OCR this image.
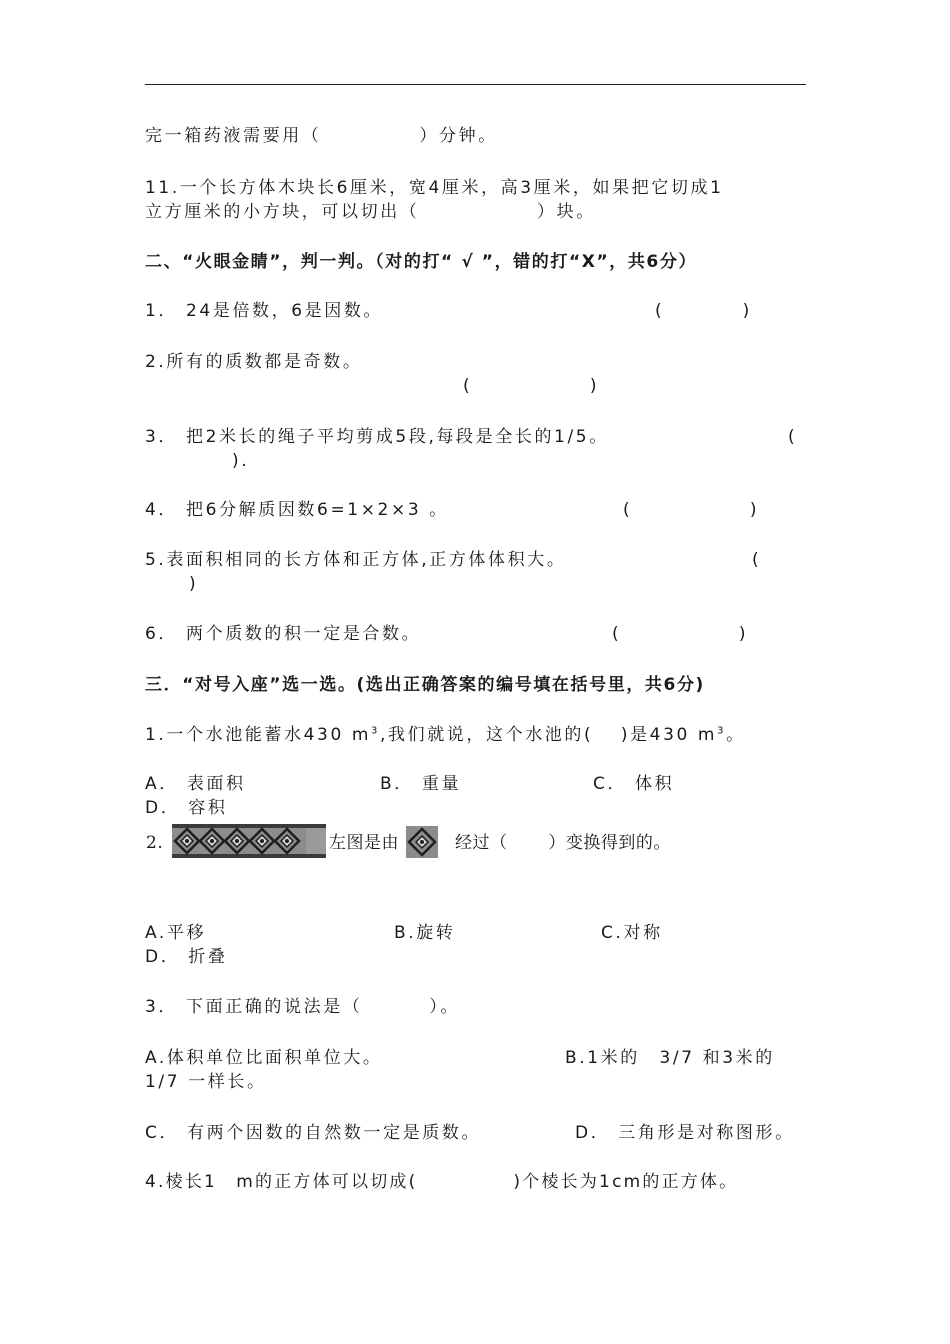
完一箱药液需要用（　　　　　）分钟。
11.一个长方体木块长6厘米，宽4厘米，高3厘米，如果把它切成1
立方厘米的小方块，可以切出（　　　　　　）块。
二、“火眼金睛”，判一判。（对的打“ √ ”，错的打“X”，共6分）
1． 24是倍数，6是因数。	(　　　　)
2.所有的质数都是奇数。
(　　　　　　)
3． 把2米长的绳子平均剪成5段,每段是全长的1/5。	(
).
4． 把6分解质因数6=1×2×3 。	(　　　　　　)
5.表面积相同的长方体和正方体,正方体体积大。	(
)
6． 两个质数的积一定是合数。	(　　　　　　)
三．“对号入座”选一选。(选出正确答案的编号填在括号里，共6分)
1.一个水池能蓄水430 $m^3$,我们就说，这个水池的(　 )是430 $m^3$。
A． 表面积	B． 重量	C． 体积
D． 容积
2.	左图是由	经过（　　 ）变换得到的。
A.平移	B.旋转	C.对称
D． 折叠
3． 下面正确的说法是（　　　 ）。
A.体积单位比面积单位大。	B.1米的　3/7 和3米的
1/7 一样长。
C． 有两个因数的自然数一定是质数。	D． 三角形是对称图形。
4.棱长1　m的正方体可以切成(　　　　　)个棱长为1cm的正方体。
